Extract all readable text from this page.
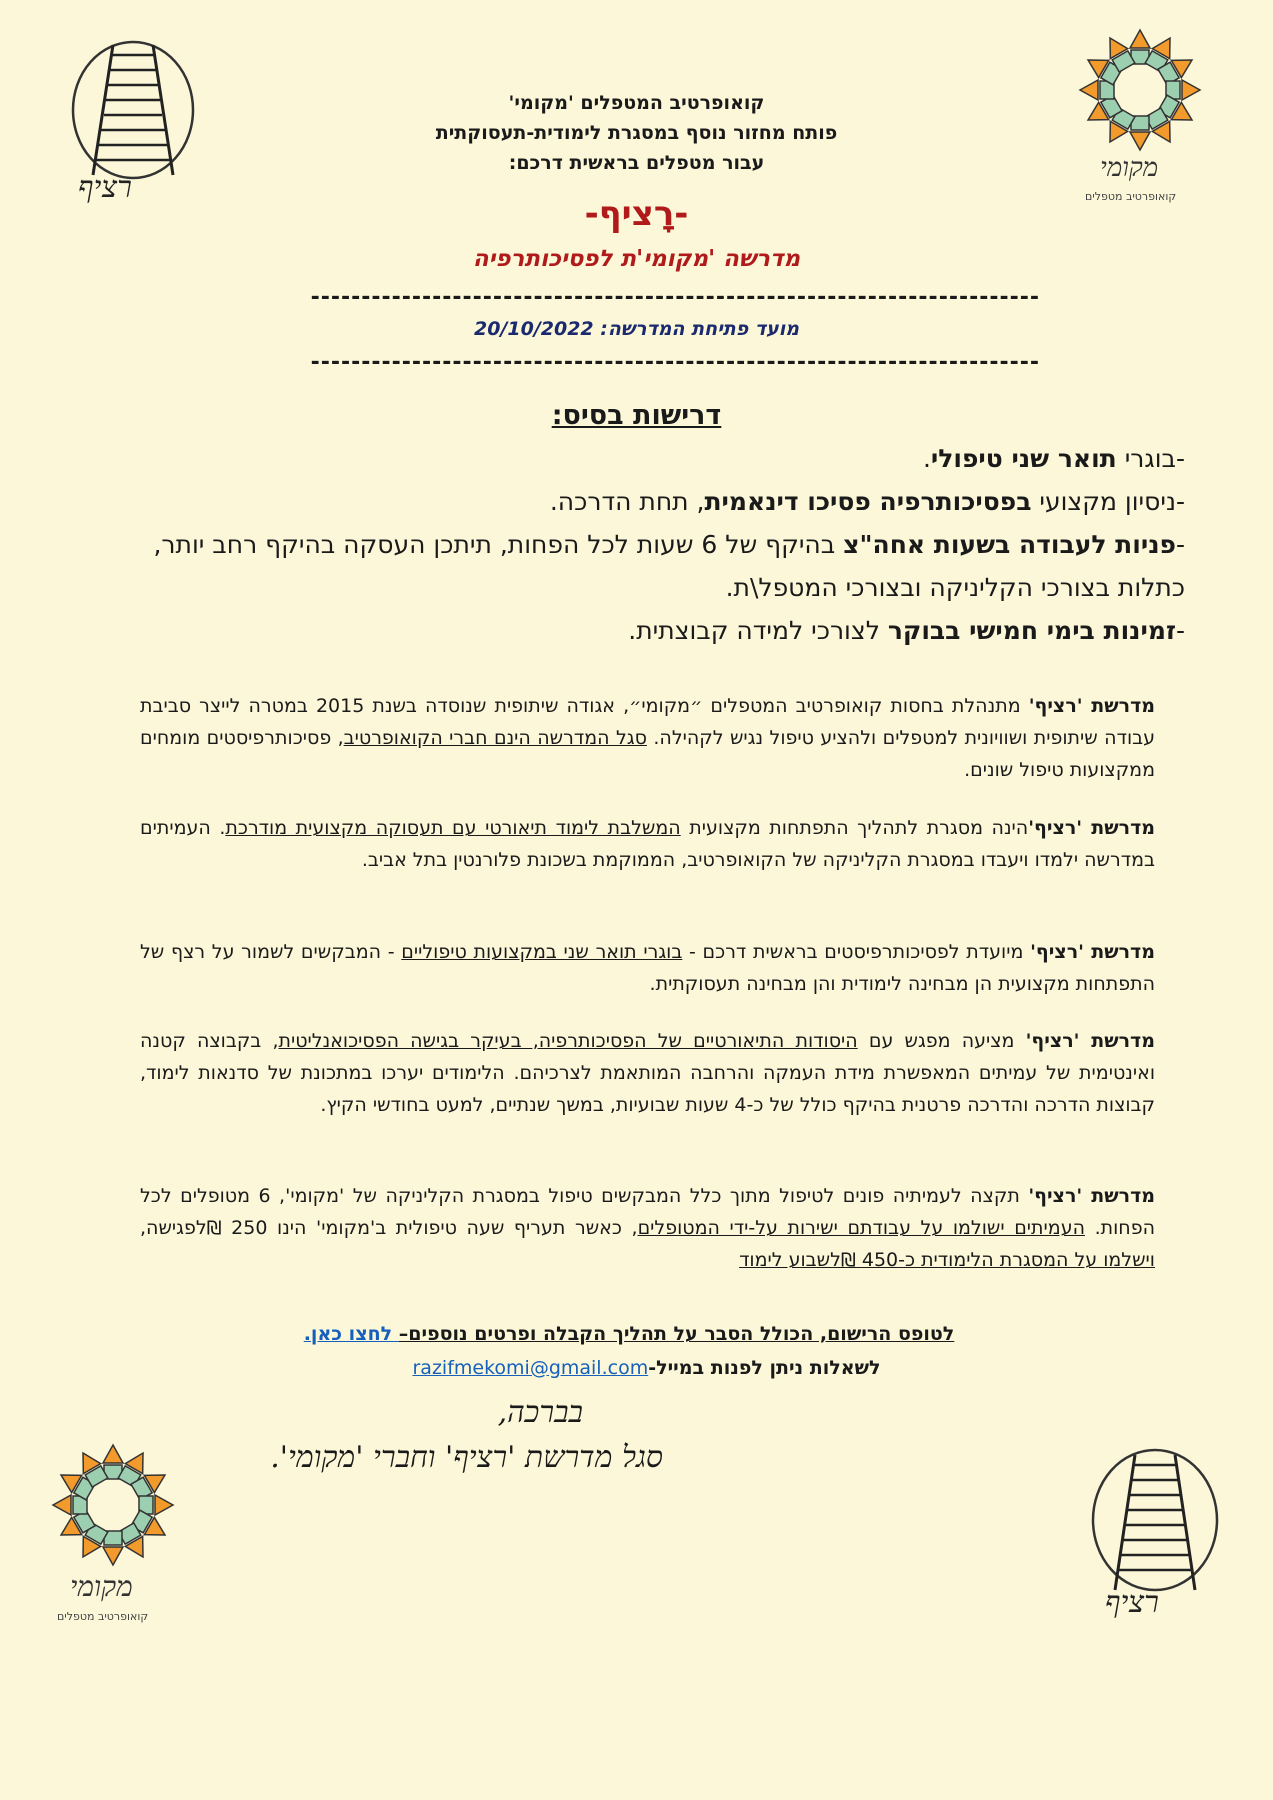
רציף
מקומי
קואופרטיב מטפלים
מקומי
קואופרטיב מטפלים	רציף
קואופרטיב המטפלים 'מקומי'
פותח מחזור נוסף במסגרת לימודית-תעסוקתית
עבור מטפלים בראשית דרכם:
-רָציף-
מדרשה 'מקומי'ת לפסיכותרפיה
------------------------------------------------------------------------
מועד פתיחת המדרשה: 20/10/2022
------------------------------------------------------------------------
דרישות בסיס:
-בוגרי תואר שני טיפולי.
-ניסיון מקצועי בפסיכותרפיה פסיכו דינאמית, תחת הדרכה.
-פניות לעבודה בשעות אחה"צ בהיקף של 6 שעות לכל הפחות, תיתכן העסקה בהיקף רחב יותר, כתלות בצורכי הקליניקה ובצורכי המטפל\ת.
-זמינות בימי חמישי בבוקר לצורכי למידה קבוצתית.
מדרשת 'רציף' מתנהלת בחסות קואופרטיב המטפלים ״מקומי״, אגודה שיתופית שנוסדה בשנת 2015 במטרה לייצר סביבת עבודה שיתופית ושוויונית למטפלים ולהציע טיפול נגיש לקהילה. סגל המדרשה הינם חברי הקואופרטיב, פסיכותרפיסטים מומחים ממקצועות טיפול שונים.
מדרשת 'רציף'הינה מסגרת לתהליך התפתחות מקצועית המשלבת לימוד תיאורטי עם תעסוקה מקצועית מודרכת. העמיתים במדרשה ילמדו ויעבדו במסגרת הקליניקה של הקואופרטיב, הממוקמת בשכונת פלורנטין בתל אביב.
מדרשת 'רציף' מיועדת לפסיכותרפיסטים בראשית דרכם - בוגרי תואר שני במקצועות טיפוליים - המבקשים לשמור על רצף של התפתחות מקצועית הן מבחינה לימודית והן מבחינה תעסוקתית.
מדרשת 'רציף' מציעה מפגש עם היסודות התיאורטיים של הפסיכותרפיה, בעיקר בגישה הפסיכואנליטית, בקבוצה קטנה ואינטימית של עמיתים המאפשרת מידת העמקה והרחבה המותאמת לצרכיהם. הלימודים יערכו במתכונת של סדנאות לימוד, קבוצות הדרכה והדרכה פרטנית בהיקף כולל של כ-4 שעות שבועיות, במשך שנתיים, למעט בחודשי הקיץ.
מדרשת 'רציף' תקצה לעמיתיה פונים לטיפול מתוך כלל המבקשים טיפול במסגרת הקליניקה של 'מקומי', 6 מטופלים לכל הפחות. העמיתים ישולמו על עבודתם ישירות על-ידי המטופלים, כאשר תעריף שעה טיפולית ב'מקומי' הינו 250 ₪לפגישה, וישלמו על המסגרת הלימודית כ-450 ₪לשבוע לימוד
לטופס הרישום, הכולל הסבר על תהליך הקבלה ופרטים נוספים– לחצו כאן.
לשאלות ניתן לפנות במייל-razifmekomi@gmail.com
בברכה,
סגל מדרשת 'רציף' וחברי 'מקומי'.
